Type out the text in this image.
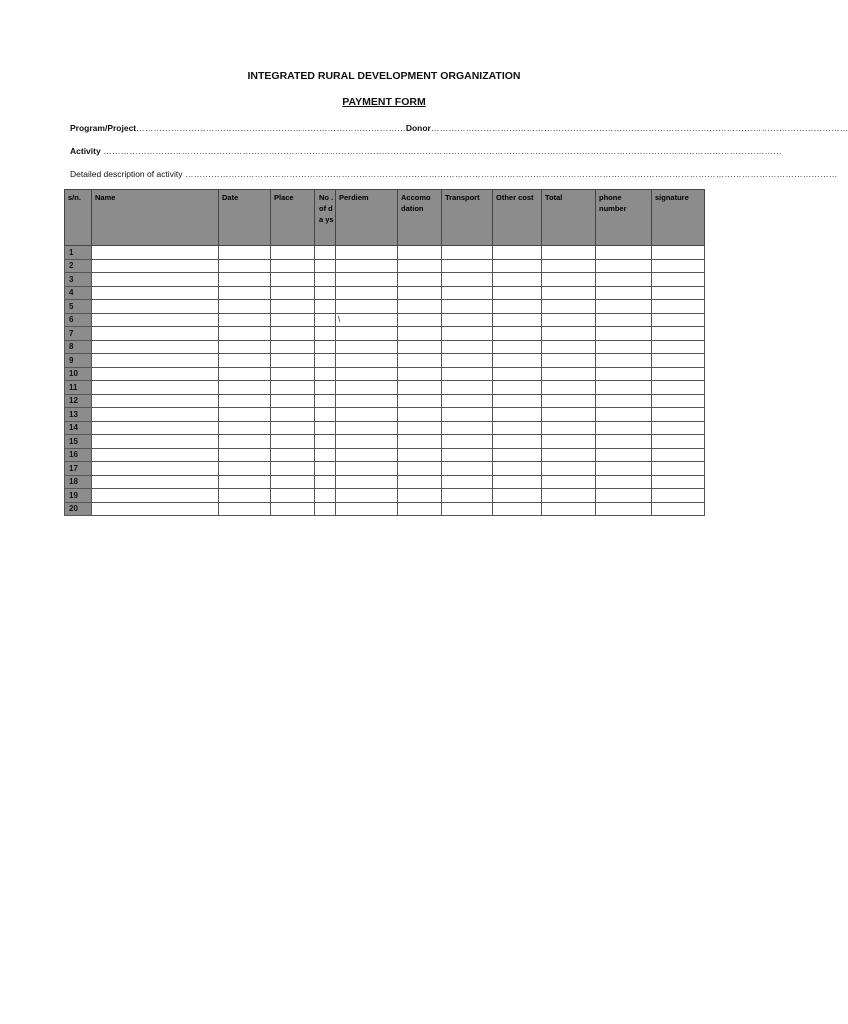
INTEGRATED RURAL DEVELOPMENT ORGANIZATION
PAYMENT FORM
Program/Project…………………………………………………………………………………Donor………………………………………………………………………………………………………………………………
Activity ………………………………………………………………………………………………………………………………………………………………………………………………………………
Detailed description of activity ………………………………………………………………………………………………………………………………………………………………………………………………………
s/n.	Name	Date	Place	No . of da ys	Perdiem	Accomo dation	Transport	Other cost	Total	phone number	signature
1											
2											
3											
4											
5											
6					\						
7											
8											
9											
10											
11											
12											
13											
14											
15											
16											
17											
18											
19											
20											
